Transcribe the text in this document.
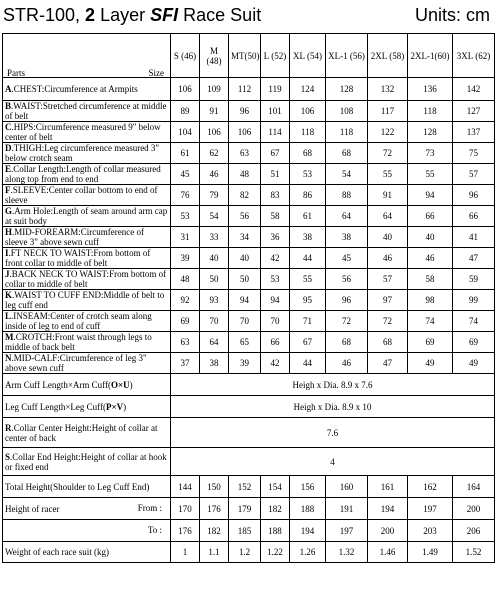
STR-100, 2 Layer SFI Race Suit	Units: cm
Parts Size	S (46)	M (48)	MT(50)	L (52)	XL (54)	XL-1 (56)	2XL (58)	2XL-1(60)	3XL (62)
A.CHEST:Circumference at Armpits	106	109	112	119	124	128	132	136	142
B.WAIST:Stretched circumference at middle of belt	89	91	96	101	106	108	117	118	127
C.HIPS:Circumference measured 9" below center of belt	104	106	106	114	118	118	122	128	137
D.THIGH:Leg circumference measured 3" below crotch seam	61	62	63	67	68	68	72	73	75
E.Collar Length:Length of collar measured along top from end to end	45	46	48	51	53	54	55	55	57
F.SLEEVE:Center collar bottom to end of sleeve	76	79	82	83	86	88	91	94	96
G.Arm Hole:Length of seam around arm cap at suit body	53	54	56	58	61	64	64	66	66
H.MID-FOREARM:Circumference of sleeve 3" above sewn cuff	31	33	34	36	38	38	40	40	41
I.FT NECK TO WAIST:From bottom of front collar to middle of belt	39	40	40	42	44	45	46	46	47
J.BACK NECK TO WAIST:From bottom of collar to middle of belt	48	50	50	53	55	56	57	58	59
K.WAIST TO CUFF END:Middle of belt to leg cuff end	92	93	94	94	95	96	97	98	99
L.INSEAM:Center of crotch seam along inside of leg to end of cuff	69	70	70	70	71	72	72	74	74
M.CROTCH:Front waist through legs to middle of back belt	63	64	65	66	67	68	68	69	69
N.MID-CALF:Circumference of leg 3" above sewn cuff	37	38	39	42	44	46	47	49	49
Arm Cuff Length×Arm Cuff(O×U)	Heigh x Dia. 8.9 x 7.6								
Leg Cuff Length×Leg Cuff(P×V)	Heigh x Dia. 8.9 x 10								
R.Collar Center Height:Height of collar at center of back	7.6								
S.Collar End Height:Height of collar at hook or fixed end	4								
Total Height(Shoulder to Leg Cuff End)	144	150	152	154	156	160	161	162	164
Height of racer From :	170	176	179	182	188	191	194	197	200

To :	176	182	185	188	194	197	200	203	206
Weight of each race suit (kg)	1	1.1	1.2	1.22	1.26	1.32	1.46	1.49	1.52
